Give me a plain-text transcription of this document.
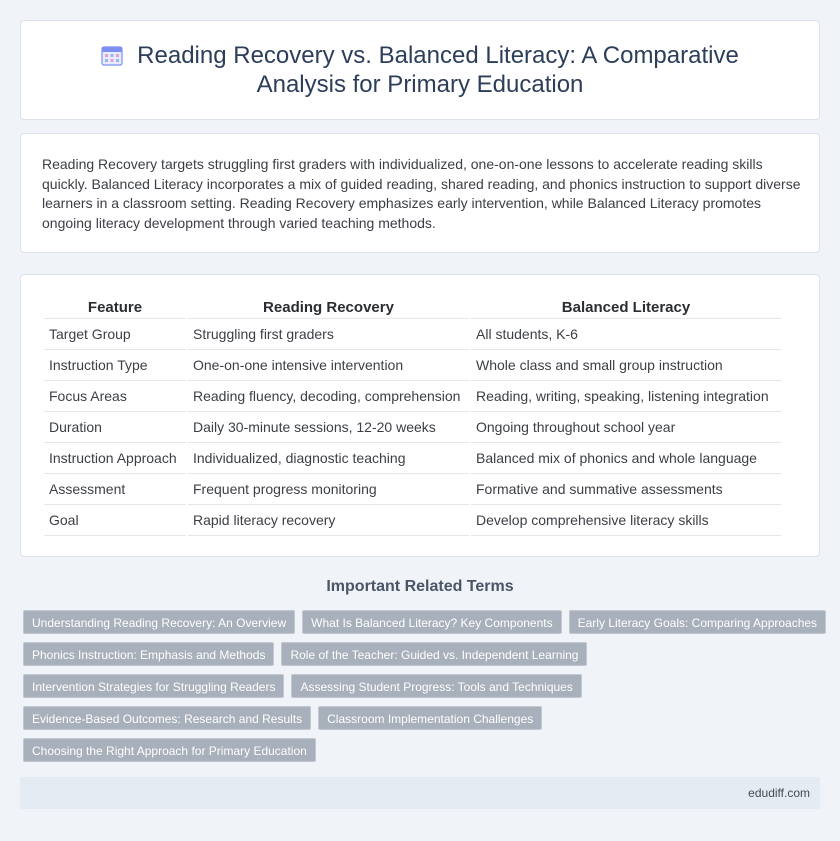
Reading Recovery vs. Balanced Literacy: A Comparative Analysis for Primary Education

Reading Recovery targets struggling first graders with individualized, one-on-one lessons to accelerate reading skills quickly. Balanced Literacy incorporates a mix of guided reading, shared reading, and phonics instruction to support diverse learners in a classroom setting. Reading Recovery emphasizes early intervention, while Balanced Literacy promotes ongoing literacy development through varied teaching methods.

Feature	Reading Recovery	Balanced Literacy
Target Group	Struggling first graders	All students, K-6
Instruction Type	One-on-one intensive intervention	Whole class and small group instruction
Focus Areas	Reading fluency, decoding, comprehension	Reading, writing, speaking, listening integration
Duration	Daily 30-minute sessions, 12-20 weeks	Ongoing throughout school year
Instruction Approach	Individualized, diagnostic teaching	Balanced mix of phonics and whole language
Assessment	Frequent progress monitoring	Formative and summative assessments
Goal	Rapid literacy recovery	Develop comprehensive literacy skills
Important Related Terms
Understanding Reading Recovery: An Overview	What Is Balanced Literacy? Key Components	Early Literacy Goals: Comparing Approaches
Phonics Instruction: Emphasis and Methods	Role of the Teacher: Guided vs. Independent Learning
Intervention Strategies for Struggling Readers	Assessing Student Progress: Tools and Techniques
Evidence-Based Outcomes: Research and Results	Classroom Implementation Challenges
Choosing the Right Approach for Primary Education
edudiff.com
